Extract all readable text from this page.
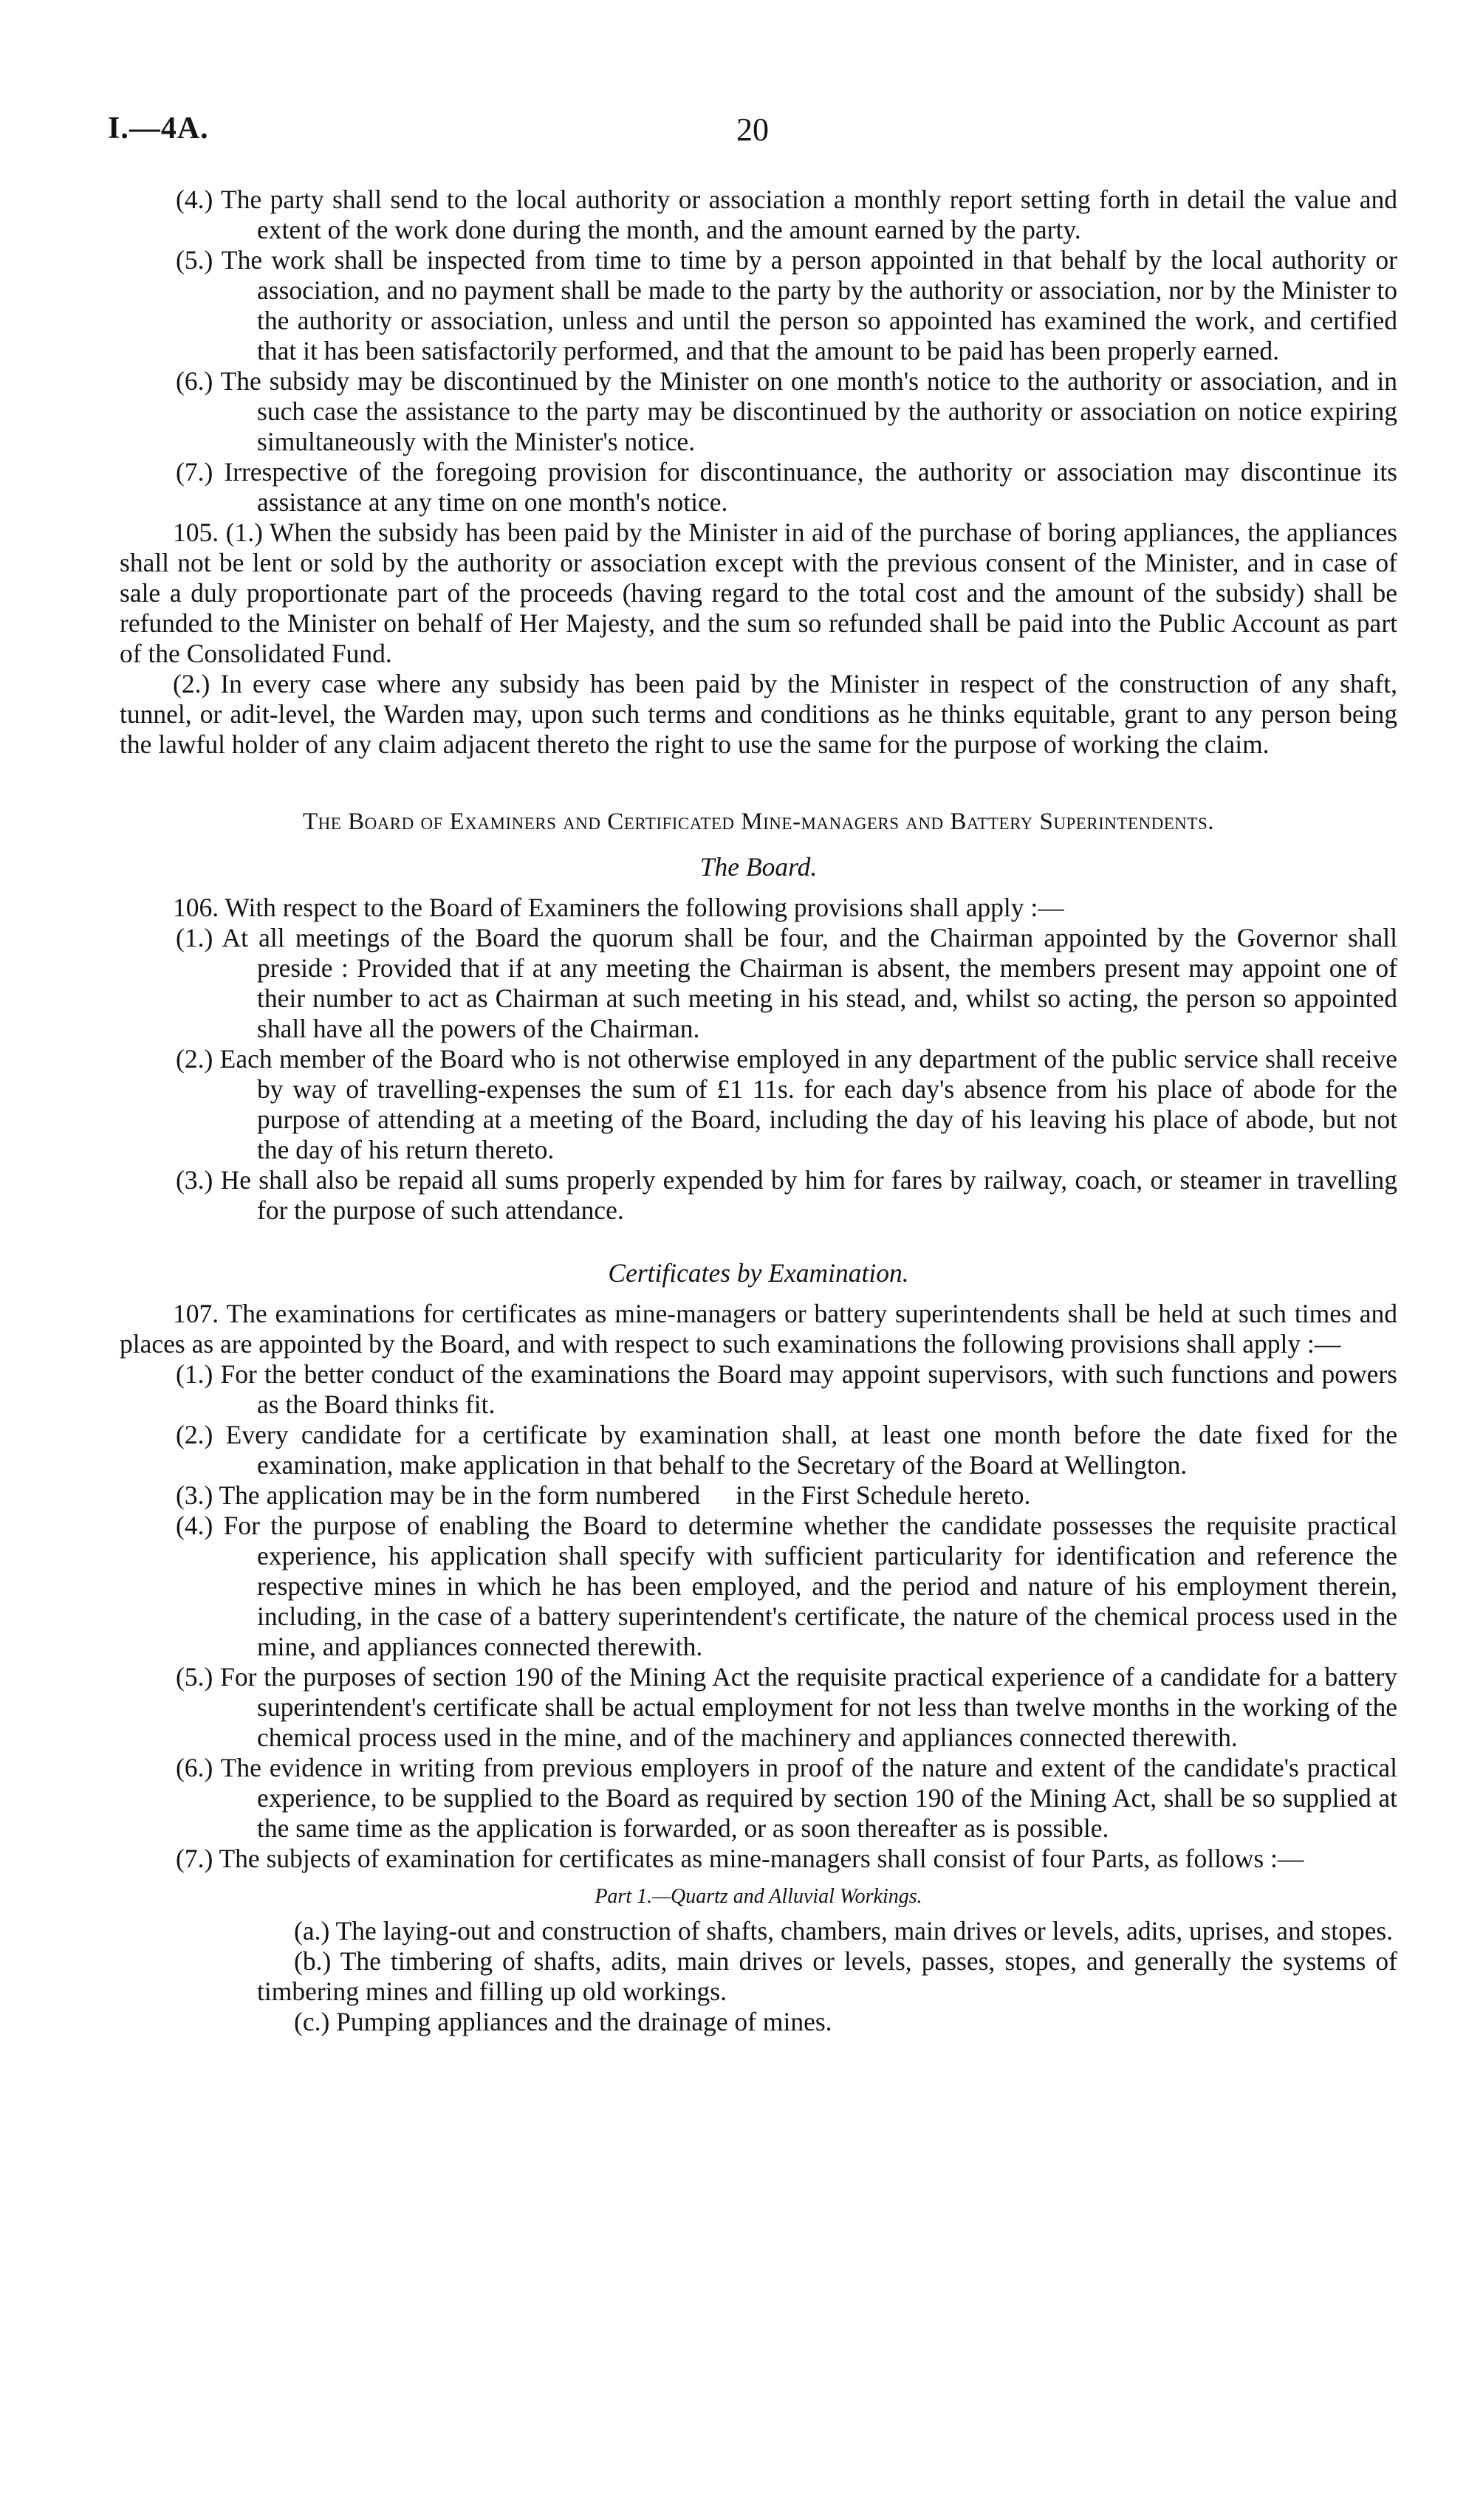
I.—4A.	20

(4.) The party shall send to the local authority or association a monthly report setting forth in detail the value and extent of the work done during the month, and the amount earned by the party.

(5.) The work shall be inspected from time to time by a person appointed in that behalf by the local authority or association, and no payment shall be made to the party by the authority or association, nor by the Minister to the authority or association, unless and until the person so appointed has examined the work, and certified that it has been satisfactorily performed, and that the amount to be paid has been properly earned.

(6.) The subsidy may be discontinued by the Minister on one month's notice to the authority or association, and in such case the assistance to the party may be discontinued by the authority or association on notice expiring simultaneously with the Minister's notice.

(7.) Irrespective of the foregoing provision for discontinuance, the authority or association may discontinue its assistance at any time on one month's notice.

105. (1.) When the subsidy has been paid by the Minister in aid of the purchase of boring appliances, the appliances shall not be lent or sold by the authority or association except with the previous consent of the Minister, and in case of sale a duly proportionate part of the proceeds (having regard to the total cost and the amount of the subsidy) shall be refunded to the Minister on behalf of Her Majesty, and the sum so refunded shall be paid into the Public Account as part of the Consolidated Fund.

(2.) In every case where any subsidy has been paid by the Minister in respect of the construction of any shaft, tunnel, or adit-level, the Warden may, upon such terms and conditions as he thinks equitable, grant to any person being the lawful holder of any claim adjacent thereto the right to use the same for the purpose of working the claim.

The Board of Examiners and Certificated Mine-managers and Battery Superintendents.

The Board.

106. With respect to the Board of Examiners the following provisions shall apply :—

(1.) At all meetings of the Board the quorum shall be four, and the Chairman appointed by the Governor shall preside : Provided that if at any meeting the Chairman is absent, the members present may appoint one of their number to act as Chairman at such meeting in his stead, and, whilst so acting, the person so appointed shall have all the powers of the Chairman.

(2.) Each member of the Board who is not otherwise employed in any department of the public service shall receive by way of travelling-expenses the sum of £1 11s. for each day's absence from his place of abode for the purpose of attending at a meeting of the Board, including the day of his leaving his place of abode, but not the day of his return thereto.

(3.) He shall also be repaid all sums properly expended by him for fares by railway, coach, or steamer in travelling for the purpose of such attendance.

Certificates by Examination.

107. The examinations for certificates as mine-managers or battery superintendents shall be held at such times and places as are appointed by the Board, and with respect to such examinations the following provisions shall apply :—

(1.) For the better conduct of the examinations the Board may appoint supervisors, with such functions and powers as the Board thinks fit.

(2.) Every candidate for a certificate by examination shall, at least one month before the date fixed for the examination, make application in that behalf to the Secretary of the Board at Wellington.

(3.) The application may be in the form numbered in the First Schedule hereto.

(4.) For the purpose of enabling the Board to determine whether the candidate possesses the requisite practical experience, his application shall specify with sufficient particularity for identification and reference the respective mines in which he has been employed, and the period and nature of his employment therein, including, in the case of a battery superintendent's certificate, the nature of the chemical process used in the mine, and appliances connected therewith.

(5.) For the purposes of section 190 of the Mining Act the requisite practical experience of a candidate for a battery superintendent's certificate shall be actual employment for not less than twelve months in the working of the chemical process used in the mine, and of the machinery and appliances connected therewith.

(6.) The evidence in writing from previous employers in proof of the nature and extent of the candidate's practical experience, to be supplied to the Board as required by section 190 of the Mining Act, shall be so supplied at the same time as the application is forwarded, or as soon thereafter as is possible.

(7.) The subjects of examination for certificates as mine-managers shall consist of four Parts, as follows :—

Part 1.—Quartz and Alluvial Workings.

(a.) The laying-out and construction of shafts, chambers, main drives or levels, adits, uprises, and stopes.

(b.) The timbering of shafts, adits, main drives or levels, passes, stopes, and generally the systems of timbering mines and filling up old workings.

(c.) Pumping appliances and the drainage of mines.
